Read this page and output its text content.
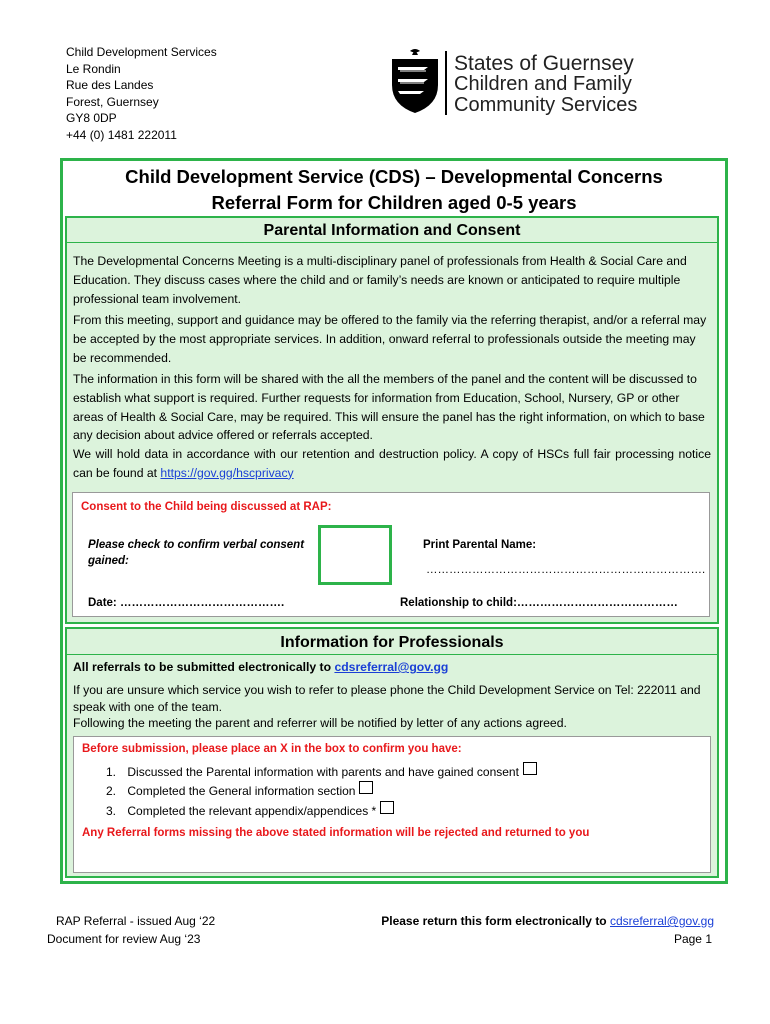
Child Development Services
Le Rondin
Rue des Landes
Forest, Guernsey
GY8 0DP
+44 (0) 1481 222011
States of Guernsey
Children and Family
Community Services
Child Development Service (CDS) – Developmental Concerns
Referral Form for Children aged 0-5 years
Parental Information and Consent
The Developmental Concerns Meeting is a multi-disciplinary panel of professionals from Health & Social Care and Education. They discuss cases where the child and or family’s needs are known or anticipated to require multiple professional team involvement.
From this meeting, support and guidance may be offered to the family via the referring therapist, and/or a referral may be accepted by the most appropriate services. In addition, onward referral to professionals outside the meeting may be recommended.
The information in this form will be shared with the all the members of the panel and the content will be discussed to establish what support is required. Further requests for information from Education, School, Nursery, GP or other areas of Health & Social Care, may be required. This will ensure the panel has the right information, on which to base any decision about advice offered or referrals accepted.
We will hold data in accordance with our retention and destruction policy. A copy of HSCs full fair processing notice can be found at https://gov.gg/hscprivacy
Consent to the Child being discussed at RAP:
Please check to confirm verbal consent gained:
Print Parental Name:
……………………………………………………………….
Date: …………………………………….	Relationship to child:……………………………………
Information for Professionals
All referrals to be submitted electronically to cdsreferral@gov.gg
If you are unsure which service you wish to refer to please phone the Child Development Service on Tel: 222011 and speak with one of the team.
Following the meeting the parent and referrer will be notified by letter of any actions agreed.
Before submission, please place an X in the box to confirm you have:
1. Discussed the Parental information with parents and have gained consent
2. Completed the General information section
3. Completed the relevant appendix/appendices *
Any Referral forms missing the above stated information will be rejected and returned to you
RAP Referral - issued Aug ‘22
Document for review Aug ‘23
Please return this form electronically to cdsreferral@gov.gg
Page 1
